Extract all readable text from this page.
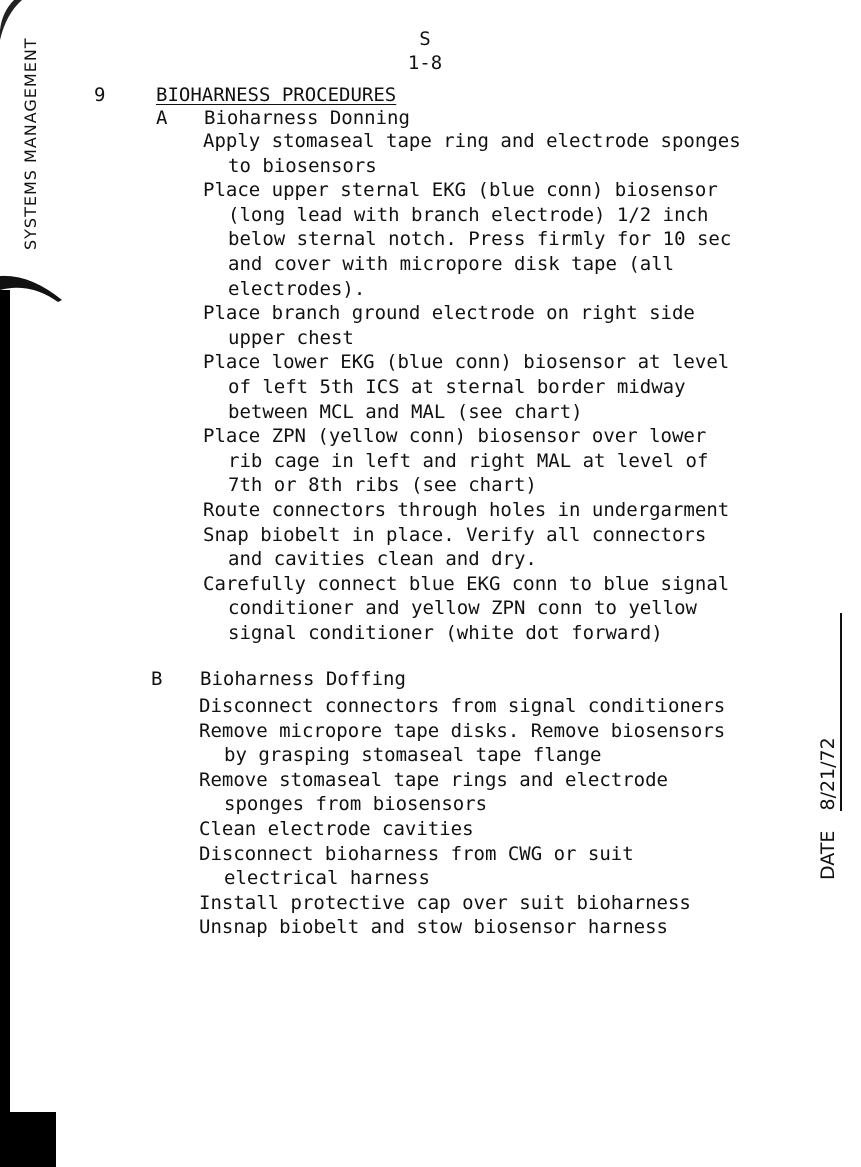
SYSTEMS MANAGEMENT	S
1-8
9	BIOHARNESS PROCEDURES
A Bioharness Donning
Apply stomaseal tape ring and electrode sponges
to biosensors
Place upper sternal EKG (blue conn) biosensor
(long lead with branch electrode) 1/2 inch
below sternal notch. Press firmly for 10 sec
and cover with micropore disk tape (all
electrodes).
Place branch ground electrode on right side
upper chest
Place lower EKG (blue conn) biosensor at level
of left 5th ICS at sternal border midway
between MCL and MAL (see chart)
Place ZPN (yellow conn) biosensor over lower
rib cage in left and right MAL at level of
7th or 8th ribs (see chart)
Route connectors through holes in undergarment
Snap biobelt in place. Verify all connectors
and cavities clean and dry.
Carefully connect blue EKG conn to blue signal
conditioner and yellow ZPN conn to yellow
signal conditioner (white dot forward)
B Bioharness Doffing
Disconnect connectors from signal conditioners
Remove micropore tape disks. Remove biosensors
by grasping stomaseal tape flange
Remove stomaseal tape rings and electrode
sponges from biosensors
Clean electrode cavities
Disconnect bioharness from CWG or suit
electrical harness
Install protective cap over suit bioharness
Unsnap biobelt and stow biosensor harness
DATE 8/21/72
